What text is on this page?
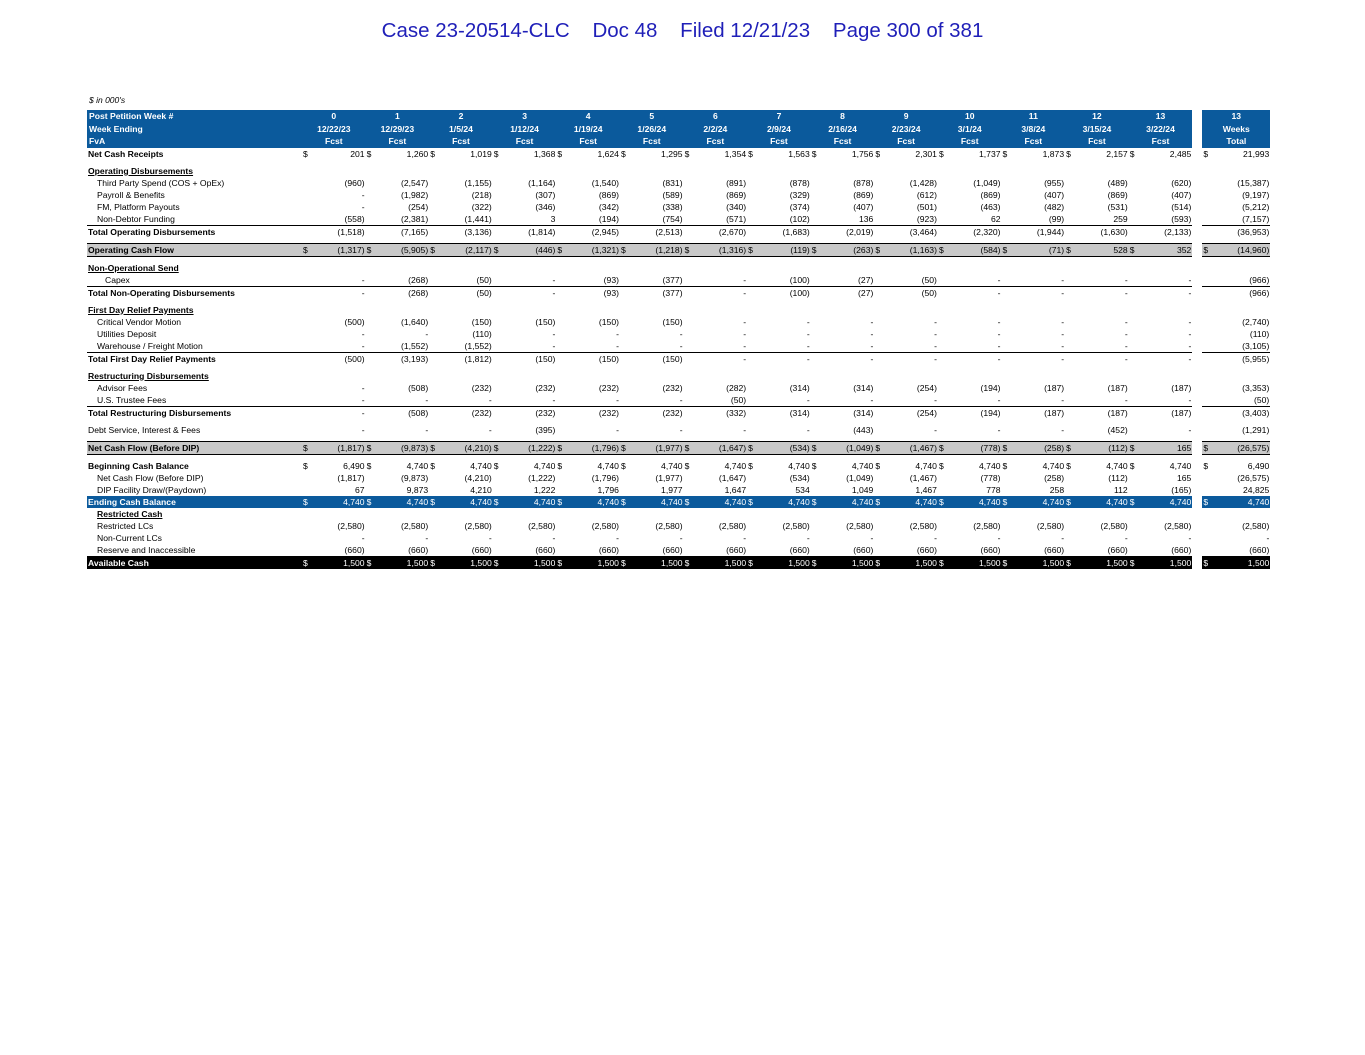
Case 23-20514-CLC    Doc 48    Filed 12/21/23    Page 300 of 381
$ in 000's
Post Petition Week #	0		1		2		3		4		5		6		7		8		9		10		11		12		13			13	
Week Ending	12/22/23		12/29/23		1/5/24		1/12/24		1/19/24		1/26/24		2/2/24		2/9/24		2/16/24		2/23/24		3/1/24		3/8/24		3/15/24		3/22/24			Weeks	
FvA	Fcst		Fcst		Fcst		Fcst		Fcst		Fcst		Fcst		Fcst		Fcst		Fcst		Fcst		Fcst		Fcst		Fcst			Total	
Net Cash Receipts	$	201	$	1,260	$	1,019	$	1,368	$	1,624	$	1,295	$	1,354	$	1,563	$	1,756	$	2,301	$	1,737	$	1,873	$	2,157	$	2,485		$	21,993

Operating Disbursements																															
Third Party Spend (COS + OpEx)		(960)		(2,547)		(1,155)		(1,164)		(1,540)		(831)		(891)		(878)		(878)		(1,428)		(1,049)		(955)		(489)		(620)			(15,387)
Payroll & Benefits		-		(1,982)		(218)		(307)		(869)		(589)		(869)		(329)		(869)		(612)		(869)		(407)		(869)		(407)			(9,197)
FM, Platform Payouts		-		(254)		(322)		(346)		(342)		(338)		(340)		(374)		(407)		(501)		(463)		(482)		(531)		(514)			(5,212)
Non-Debtor Funding		(558)		(2,381)		(1,441)		3		(194)		(754)		(571)		(102)		136		(923)		62		(99)		259		(593)			(7,157)
Total Operating Disbursements		(1,518)		(7,165)		(3,136)		(1,814)		(2,945)		(2,513)		(2,670)		(1,683)		(2,019)		(3,464)		(2,320)		(1,944)		(1,630)		(2,133)			(36,953)

Operating Cash Flow	$	(1,317)	$	(5,905)	$	(2,117)	$	(446)	$	(1,321)	$	(1,218)	$	(1,316)	$	(119)	$	(263)	$	(1,163)	$	(584)	$	(71)	$	528	$	352		$	(14,960)

Non-Operational Send																															
Capex		-		(268)		(50)		-		(93)		(377)		-		(100)		(27)		(50)		-		-		-		-			(966)
Total Non-Operating Disbursements		-		(268)		(50)		-		(93)		(377)		-		(100)		(27)		(50)		-		-		-		-			(966)

First Day Relief Payments																															
Critical Vendor Motion		(500)		(1,640)		(150)		(150)		(150)		(150)		-		-		-		-		-		-		-		-			(2,740)
Utilities Deposit		-		-		(110)		-		-		-		-		-		-		-		-		-		-		-			(110)
Warehouse / Freight Motion		-		(1,552)		(1,552)		-		-		-		-		-		-		-		-		-		-		-			(3,105)
Total First Day Relief Payments		(500)		(3,193)		(1,812)		(150)		(150)		(150)		-		-		-		-		-		-		-		-			(5,955)

Restructuring Disbursements																															
Advisor Fees		-		(508)		(232)		(232)		(232)		(232)		(282)		(314)		(314)		(254)		(194)		(187)		(187)		(187)			(3,353)
U.S. Trustee Fees		-		-		-		-		-		-		(50)		-		-		-		-		-		-		-			(50)
Total Restructuring Disbursements		-		(508)		(232)		(232)		(232)		(232)		(332)		(314)		(314)		(254)		(194)		(187)		(187)		(187)			(3,403)

Debt Service, Interest & Fees		-		-		-		(395)		-		-		-		-		(443)		-		-		-		(452)		-			(1,291)

Net Cash Flow (Before DIP)	$	(1,817)	$	(9,873)	$	(4,210)	$	(1,222)	$	(1,796)	$	(1,977)	$	(1,647)	$	(534)	$	(1,049)	$	(1,467)	$	(778)	$	(258)	$	(112)	$	165		$	(26,575)

Beginning Cash Balance	$	6,490	$	4,740	$	4,740	$	4,740	$	4,740	$	4,740	$	4,740	$	4,740	$	4,740	$	4,740	$	4,740	$	4,740	$	4,740	$	4,740		$	6,490
Net Cash Flow (Before DIP)		(1,817)		(9,873)		(4,210)		(1,222)		(1,796)		(1,977)		(1,647)		(534)		(1,049)		(1,467)		(778)		(258)		(112)		165			(26,575)
DIP Facility Draw/(Paydown)		67		9,873		4,210		1,222		1,796		1,977		1,647		534		1,049		1,467		778		258		112		(165)			24,825
Ending Cash Balance	$	4,740	$	4,740	$	4,740	$	4,740	$	4,740	$	4,740	$	4,740	$	4,740	$	4,740	$	4,740	$	4,740	$	4,740	$	4,740	$	4,740		$	4,740
Restricted Cash																															
Restricted LCs		(2,580)		(2,580)		(2,580)		(2,580)		(2,580)		(2,580)		(2,580)		(2,580)		(2,580)		(2,580)		(2,580)		(2,580)		(2,580)		(2,580)			(2,580)
Non-Current LCs		-		-		-		-		-		-		-		-		-		-		-		-		-		-			-
Reserve and Inaccessible		(660)		(660)		(660)		(660)		(660)		(660)		(660)		(660)		(660)		(660)		(660)		(660)		(660)		(660)			(660)
Available Cash	$	1,500	$	1,500	$	1,500	$	1,500	$	1,500	$	1,500	$	1,500	$	1,500	$	1,500	$	1,500	$	1,500	$	1,500	$	1,500	$	1,500		$	1,500
